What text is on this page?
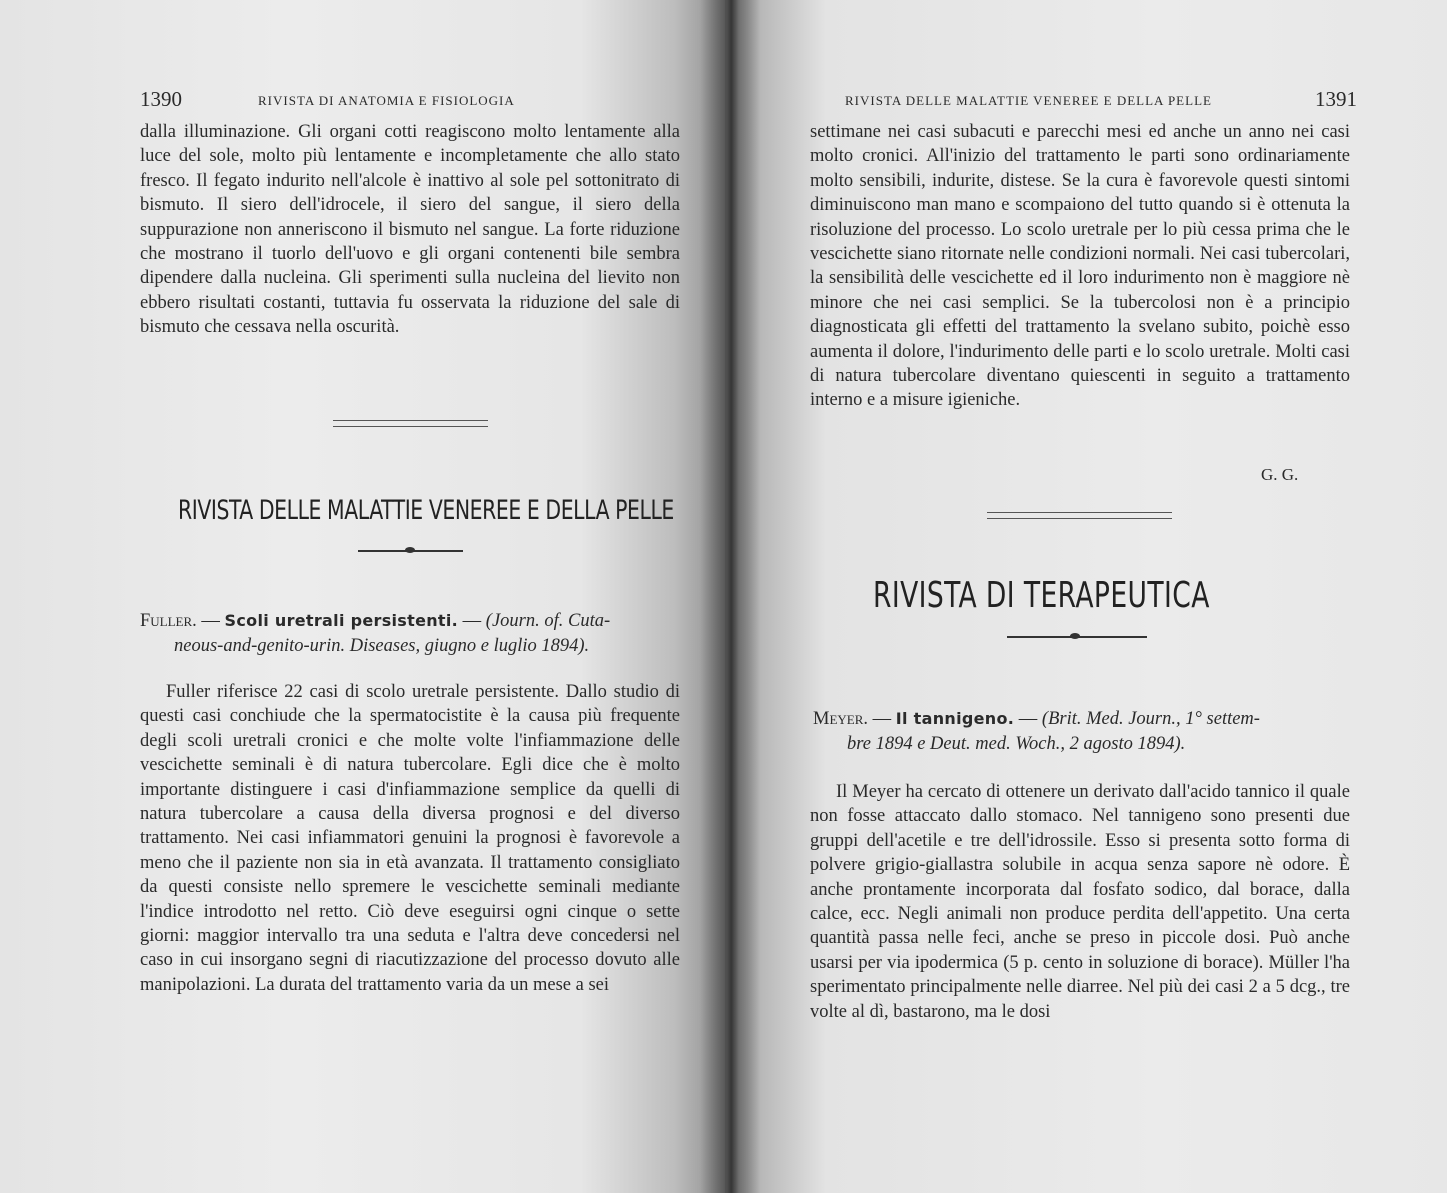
1390	RIVISTA DI ANATOMIA E FISIOLOGIA

dalla illuminazione. Gli organi cotti reagiscono molto lentamente alla luce del sole, molto più lentamente e incompletamente che allo stato fresco. Il fegato indurito nell'alcole è inattivo al sole pel sottonitrato di bismuto. Il siero dell'idrocele, il siero del sangue, il siero della suppurazione non anneriscono il bismuto nel sangue. La forte riduzione che mostrano il tuorlo dell'uovo e gli organi contenenti bile sembra dipendere dalla nucleina. Gli sperimenti sulla nucleina del lievito non ebbero risultati costanti, tuttavia fu osservata la riduzione del sale di bismuto che cessava nella oscurità.

RIVISTA DELLE MALATTIE VENEREE E DELLA PELLE
Fuller. — Scoli uretrali persistenti. — (Journ. of. Cuta-
neous-and-genito-urin. Diseases, giugno e luglio 1894).

Fuller riferisce 22 casi di scolo uretrale persistente. Dallo studio di questi casi conchiude che la spermatocistite è la causa più frequente degli scoli uretrali cronici e che molte volte l'infiammazione delle vescichette seminali è di natura tubercolare. Egli dice che è molto importante distinguere i casi d'infiammazione semplice da quelli di natura tubercolare a causa della diversa prognosi e del diverso trattamento. Nei casi infiammatori genuini la prognosi è favorevole a meno che il paziente non sia in età avanzata. Il trattamento consigliato da questi consiste nello spremere le vescichette seminali mediante l'indice introdotto nel retto. Ciò deve eseguirsi ogni cinque o sette giorni: maggior intervallo tra una seduta e l'altra deve concedersi nel caso in cui insorgano segni di riacutizzazione del processo dovuto alle manipolazioni. La durata del trattamento varia da un mese a sei

RIVISTA DELLE MALATTIE VENEREE E DELLA PELLE	1391

settimane nei casi subacuti e parecchi mesi ed anche un anno nei casi molto cronici. All'inizio del trattamento le parti sono ordinariamente molto sensibili, indurite, distese. Se la cura è favorevole questi sintomi diminuiscono man mano e scompaiono del tutto quando si è ottenuta la risoluzione del processo. Lo scolo uretrale per lo più cessa prima che le vescichette siano ritornate nelle condizioni normali. Nei casi tubercolari, la sensibilità delle vescichette ed il loro indurimento non è maggiore nè minore che nei casi semplici. Se la tubercolosi non è a principio diagnosticata gli effetti del trattamento la svelano subito, poichè esso aumenta il dolore, l'indurimento delle parti e lo scolo uretrale. Molti casi di natura tubercolare diventano quiescenti in seguito a trattamento interno e a misure igieniche.

G. G.
RIVISTA DI TERAPEUTICA
Meyer. — Il tannigeno. — (Brit. Med. Journ., 1° settem-
bre 1894 e Deut. med. Woch., 2 agosto 1894).

Il Meyer ha cercato di ottenere un derivato dall'acido tannico il quale non fosse attaccato dallo stomaco. Nel tannigeno sono presenti due gruppi dell'acetile e tre dell'idrossile. Esso si presenta sotto forma di polvere grigio-giallastra solubile in acqua senza sapore nè odore. È anche prontamente incorporata dal fosfato sodico, dal borace, dalla calce, ecc. Negli animali non produce perdita dell'appetito. Una certa quantità passa nelle feci, anche se preso in piccole dosi. Può anche usarsi per via ipodermica (5 p. cento in soluzione di borace). Müller l'ha sperimentato principalmente nelle diarree. Nel più dei casi 2 a 5 dcg., tre volte al dì, bastarono, ma le dosi
